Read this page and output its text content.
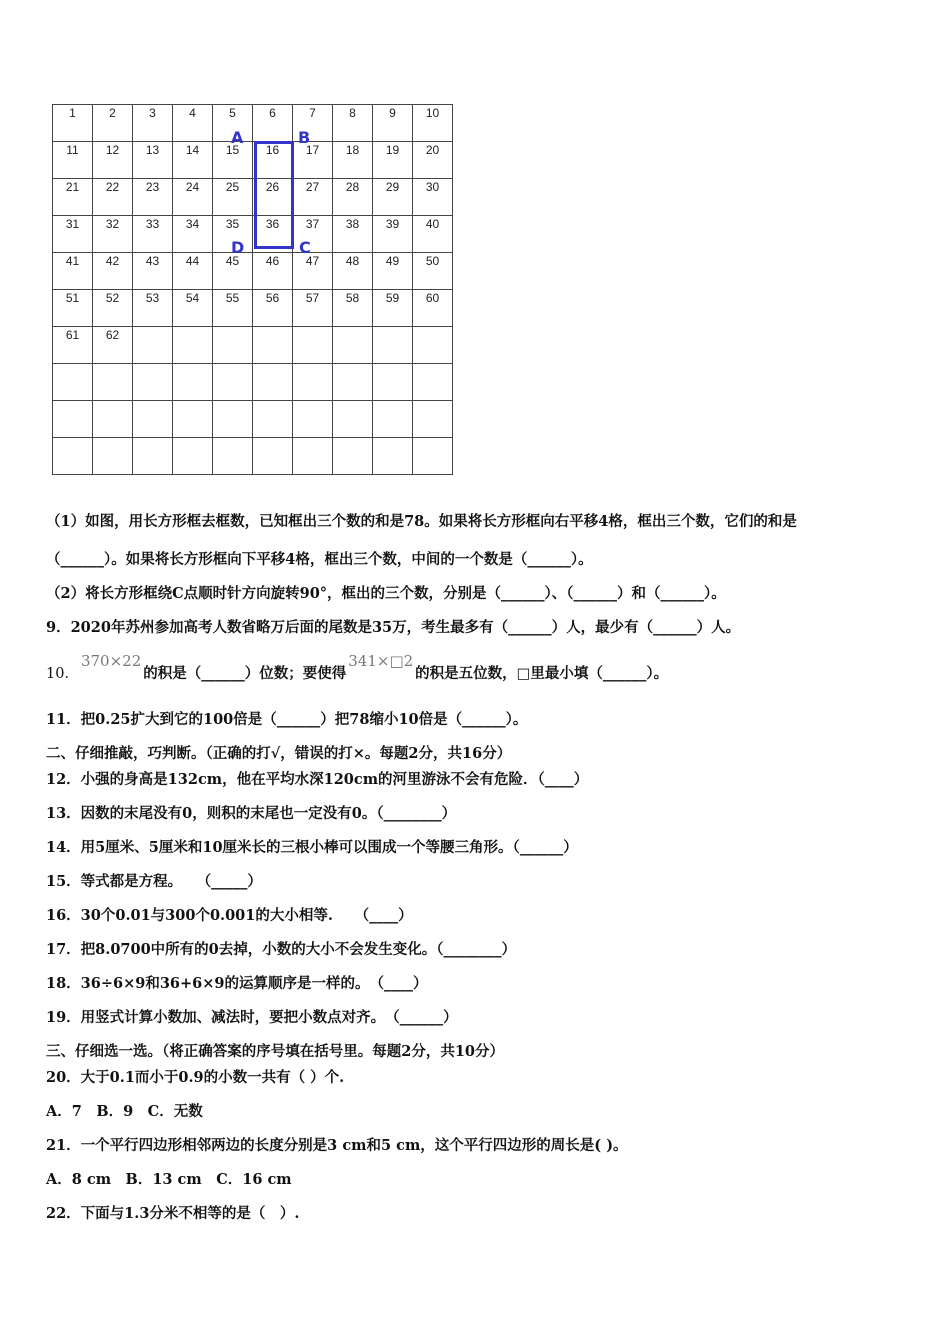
1	2	3	4	5	6	7	8	9	10
11	12	13	14	15	16	17	18	19	20
21	22	23	24	25	26	27	28	29	30
31	32	33	34	35	36	37	38	39	40
41	42	43	44	45	46	47	48	49	50
51	52	53	54	55	56	57	58	59	60
61	62								

A	B
C
D
（1）如图，用长方形框去框数，已知框出三个数的和是78。如果将长方形框向右平移4格，框出三个数，它们的和是
（______）。如果将长方形框向下平移4格，框出三个数，中间的一个数是（______）。
（2）将长方形框绕C点顺时针方向旋转90°，框出的三个数，分别是（______）、（______）和（______）。
9．2020年苏州参加高考人数省略万后面的尾数是35万，考生最多有（______）人，最少有（______）人。
10．370×22的积是（______）位数；要使得341×□2的积是五位数，□里最小填（______）。
11．把0.25扩大到它的100倍是（______）把78缩小10倍是（______）。
二、仔细推敲，巧判断。（正确的打√，错误的打×。每题2分，共16分）
12．小强的身高是132cm，他在平均水深120cm的河里游泳不会有危险．（____）
13．因数的末尾没有0，则积的末尾也一定没有0。（________）
14．用5厘米、5厘米和10厘米长的三根小棒可以围成一个等腰三角形。（______）
15．等式都是方程。　　（_____）
16．30个0.01与300个0.001的大小相等.　　（____）
17．把8.0700中所有的0去掉，小数的大小不会发生变化。（________）
18．36÷6×9和36+6×9的运算顺序是一样的。　（____）
19．用竖式计算小数加、减法时，要把小数点对齐。　（______）
三、仔细选一选。（将正确答案的序号填在括号里。每题2分，共10分）
20．大于0.1而小于0.9的小数一共有（ ）个.
A．7　B．9　C．无数
21．一个平行四边形相邻两边的长度分别是3 cm和5 cm，这个平行四边形的周长是( )。
A．8 cm　B．13 cm　C．16 cm
22．下面与1.3分米不相等的是（　）.
